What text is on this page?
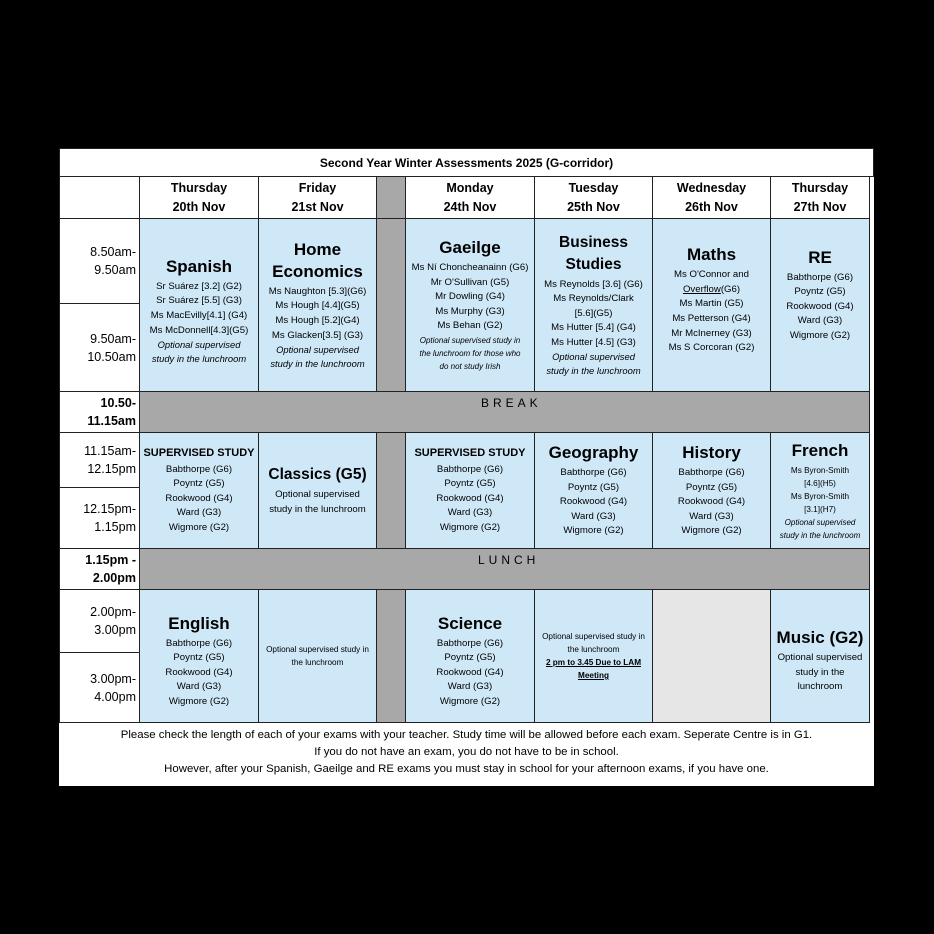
Second Year Winter Assessments 2025 (G-corridor)
Thursday
20th Nov
Friday
21st Nov
Monday
24th Nov
Tuesday
25th Nov
Wednesday
26th Nov
Thursday
27th Nov
8.50am-
9.50am
9.50am-
10.50am
Spanish
Sr Suárez [3.2] (G2)
Sr Suárez [5.5] (G3)
Ms MacEvilly[4.1] (G4)
Ms McDonnell[4.3](G5)
Optional supervised
study in the lunchroom
Home
Economics
Ms Naughton [5.3](G6)
Ms Hough [4.4](G5)
Ms Hough [5.2](G4)
Ms Glacken[3.5] (G3)
Optional supervised
study in the lunchroom
Gaeilge
Ms Ní Choncheanainn (G6)
Mr O'Sullivan (G5)
Mr Dowling (G4)
Ms Murphy (G3)
Ms Behan (G2)
Optional supervised study in
the lunchroom for those who
do not study Irish
Business
Studies
Ms Reynolds [3.6] (G6)
Ms Reynolds/Clark
[5.6](G5)
Ms Hutter [5.4] (G4)
Ms Hutter [4.5] (G3)
Optional supervised
study in the lunchroom
Maths
Ms O'Connor and
Overflow(G6)
Ms Martin (G5)
Ms Petterson (G4)
Mr McInerney (G3)
Ms S Corcoran (G2)
RE
Babthorpe (G6)
Poyntz (G5)
Rookwood (G4)
Ward (G3)
Wigmore (G2)
10.50-
11.15am
BREAK
11.15am-
12.15pm
12.15pm-
1.15pm
SUPERVISED STUDY
Babthorpe (G6)
Poyntz (G5)
Rookwood (G4)
Ward (G3)
Wigmore (G2)
Classics (G5)
Optional supervised
study in the lunchroom
SUPERVISED STUDY
Babthorpe (G6)
Poyntz (G5)
Rookwood (G4)
Ward (G3)
Wigmore (G2)
Geography
Babthorpe (G6)
Poyntz (G5)
Rookwood (G4)
Ward (G3)
Wigmore (G2)
History
Babthorpe (G6)
Poyntz (G5)
Rookwood (G4)
Ward (G3)
Wigmore (G2)
French
Ms Byron-Smith
[4.6](H5)
Ms Byron-Smith
[3.1](H7)
Optional supervised
study in the lunchroom
1.15pm -
2.00pm
LUNCH
2.00pm-
3.00pm
3.00pm-
4.00pm
English
Babthorpe (G6)
Poyntz (G5)
Rookwood (G4)
Ward (G3)
Wigmore (G2)
Optional supervised study in
the lunchroom
Science
Babthorpe (G6)
Poyntz (G5)
Rookwood (G4)
Ward (G3)
Wigmore (G2)
Optional supervised study in
the lunchroom
2 pm to 3.45 Due to LAM
Meeting
Music (G2)
Optional supervised
study in the
lunchroom
Please check the length of each of your exams with your teacher. Study time will be allowed before each exam. Seperate Centre is in G1.
If you do not have an exam, you do not have to be in school.
However, after your Spanish, Gaeilge and RE exams you must stay in school for your afternoon exams, if you have one.
